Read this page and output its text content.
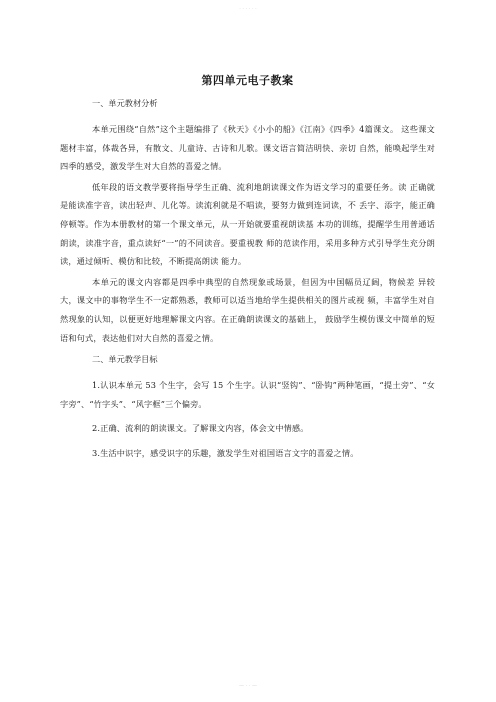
· · · · · ·
第四单元电子教案
一、单元教材分析

本单元围绕“自然”这个主题编排了《秋天》《小小的船》《江南》《四季》4篇课文。 这些课文题材丰富，体裁各异，有散文、儿童诗、古诗和儿歌。课文语言简洁明快、亲切 自然，能唤起学生对四季的感受，激发学生对大自然的喜爱之情。

低年段的语文教学要将指导学生正确、流利地朗读课文作为语文学习的重要任务。读 正确就是能读准字音，读出轻声、儿化等。读流利就是不唱读，要努力做到连词读，不 丢字、添字，能正确停顿等。作为本册教材的第一个课文单元，从一开始就要重视朗读基 本功的训练，提醒学生用普通话朗读，读准字音，重点读好“一”的不同读音。要重视教 师的范读作用，采用多种方式引导学生充分朗读，通过倾听、模仿和比较，不断提高朗读 能力。

本单元的课文内容都是四季中典型的自然现象或场景，但因为中国幅员辽阔，物候差 异较大，课文中的事物学生不一定都熟悉，教师可以适当地给学生提供相关的图片或视 频，丰富学生对自然现象的认知，以便更好地理解课文内容。在正确朗读课文的基础上， 鼓励学生模仿课文中简单的短语和句式，表达他们对大自然的喜爱之情。

二、单元教学目标

1.认识本单元 53 个生字，会写 15 个生字。认识“竖钩”、“卧钩”两种笔画，“提土旁”、“女字旁”、“竹字头”、“风字框”三个偏旁。

2.正确、流利的朗读课文。了解课文内容，体会文中情感。

3.生活中识字，感受识字的乐趣，激发学生对祖国语言文字的喜爱之情。

— · · —
